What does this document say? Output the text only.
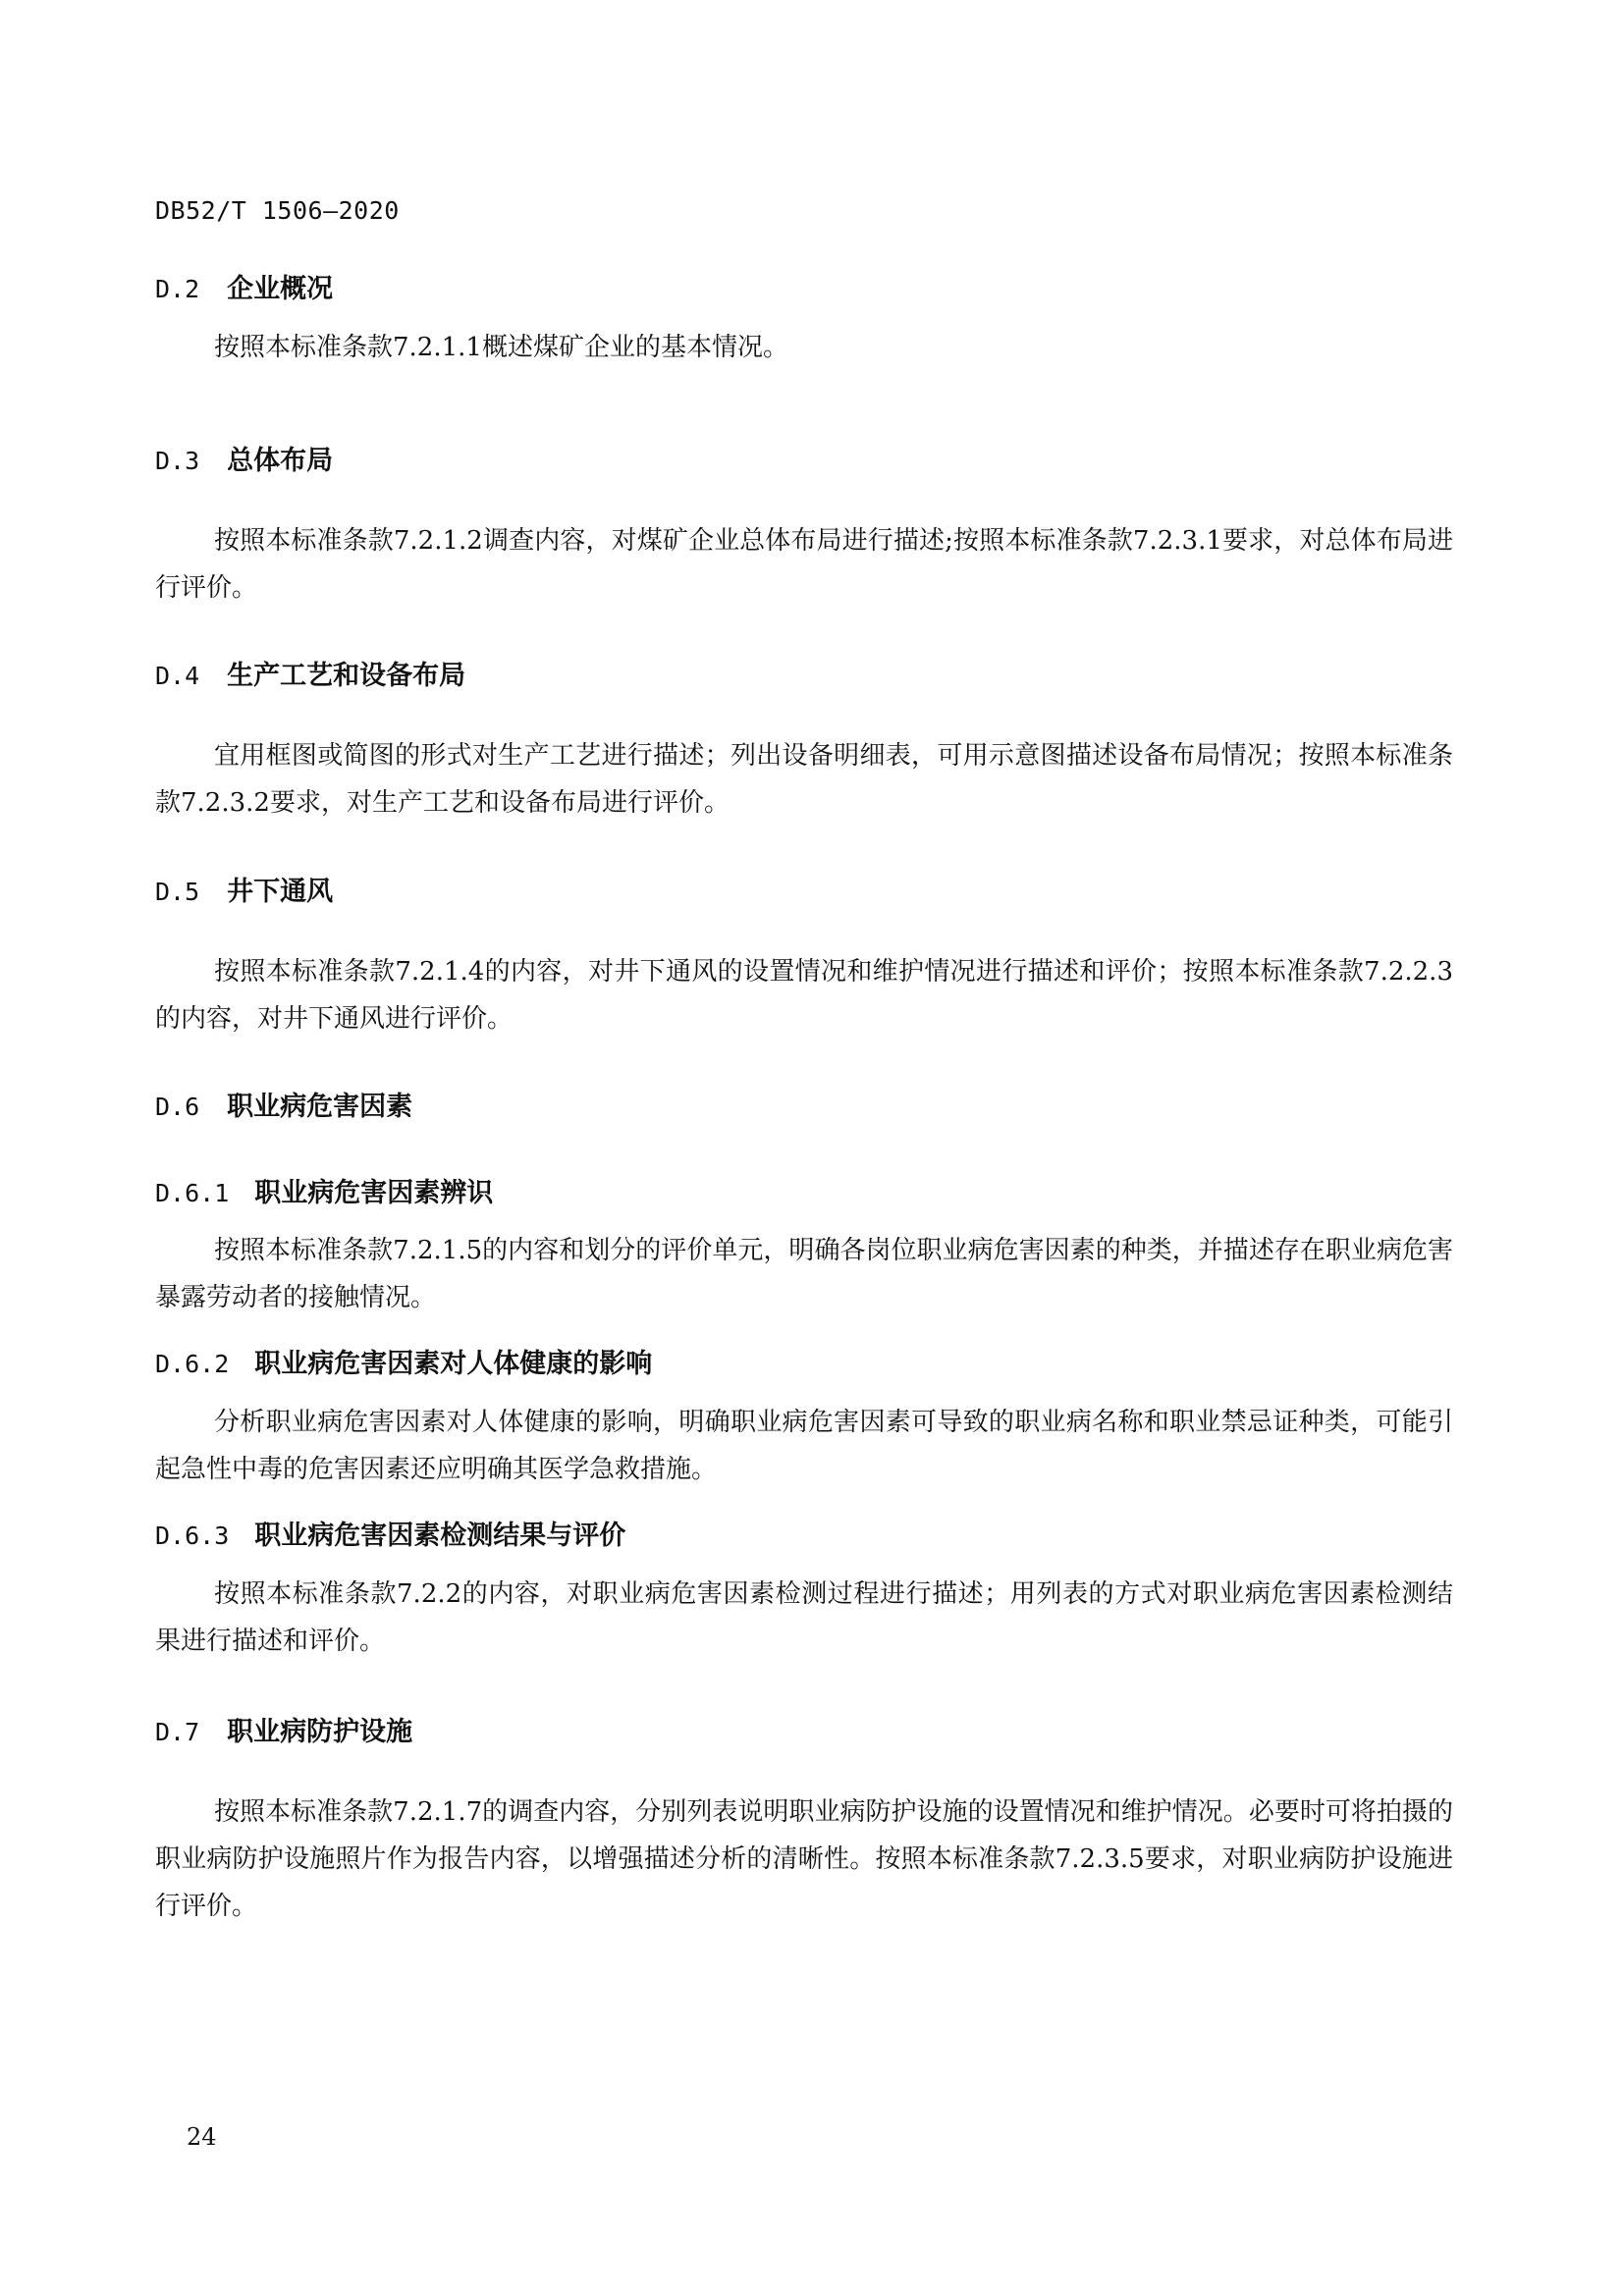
DB52/T 1506—2020
D.2 企业概况

按照本标准条款7.2.1.1概述煤矿企业的基本情况。

D.3 总体布局

按照本标准条款7.2.1.2调查内容，对煤矿企业总体布局进行描述;按照本标准条款7.2.3.1要求，对总体布局进行评价。

D.4 生产工艺和设备布局

宜用框图或简图的形式对生产工艺进行描述；列出设备明细表，可用示意图描述设备布局情况；按照本标准条款7.2.3.2要求，对生产工艺和设备布局进行评价。

D.5 井下通风

按照本标准条款7.2.1.4的内容，对井下通风的设置情况和维护情况进行描述和评价；按照本标准条款7.2.2.3的内容，对井下通风进行评价。

D.6 职业病危害因素
D.6.1 职业病危害因素辨识

按照本标准条款7.2.1.5的内容和划分的评价单元，明确各岗位职业病危害因素的种类，并描述存在职业病危害暴露劳动者的接触情况。

D.6.2 职业病危害因素对人体健康的影响

分析职业病危害因素对人体健康的影响，明确职业病危害因素可导致的职业病名称和职业禁忌证种类，可能引起急性中毒的危害因素还应明确其医学急救措施。

D.6.3 职业病危害因素检测结果与评价

按照本标准条款7.2.2的内容，对职业病危害因素检测过程进行描述；用列表的方式对职业病危害因素检测结果进行描述和评价。

D.7 职业病防护设施

按照本标准条款7.2.1.7的调查内容，分别列表说明职业病防护设施的设置情况和维护情况。必要时可将拍摄的职业病防护设施照片作为报告内容，以增强描述分析的清晰性。按照本标准条款7.2.3.5要求，对职业病防护设施进行评价。

24
